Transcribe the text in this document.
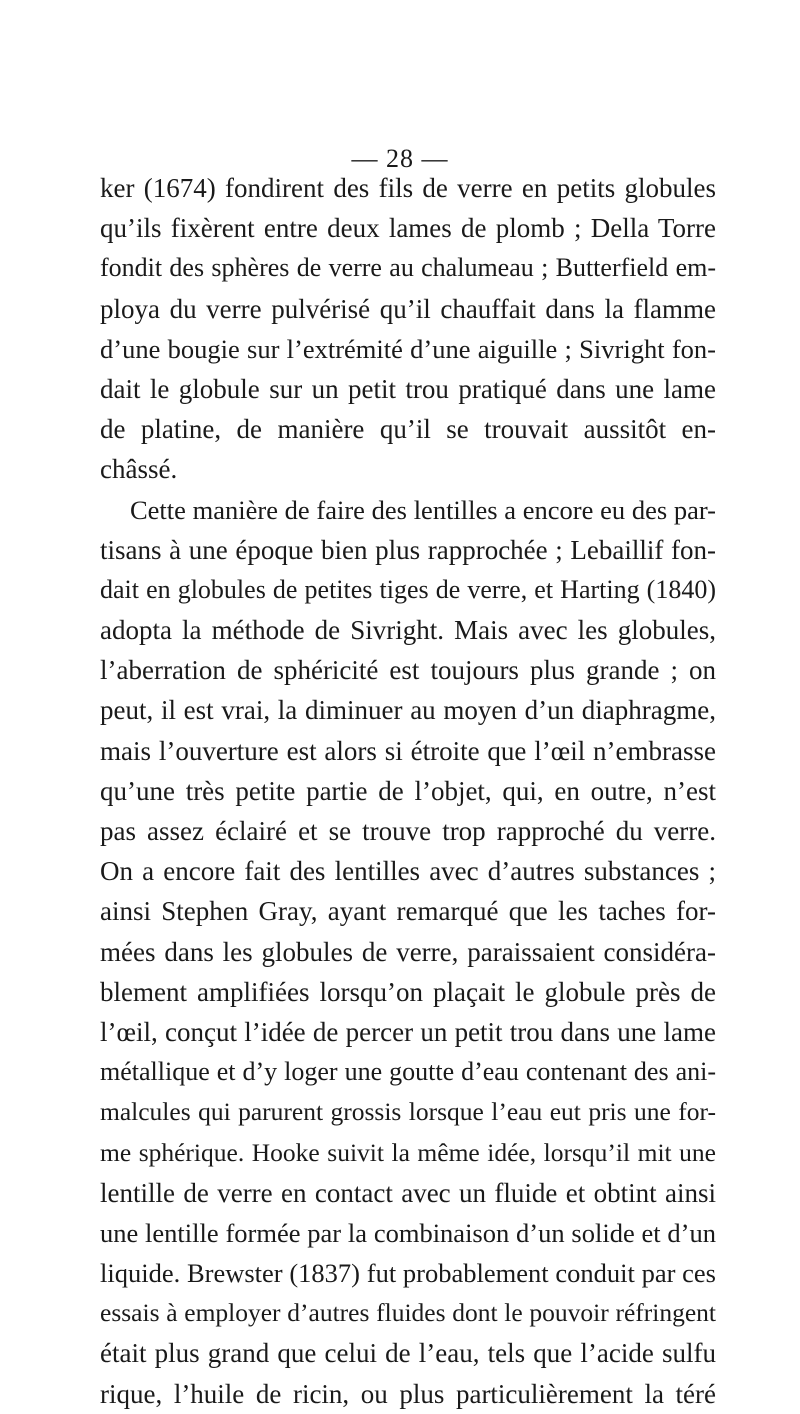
— 28 —
ker (1674) fondirent des fils de verre en petits globules
qu’ils fixèrent entre deux lames de plomb ; Della Torre
fondit des sphères de verre au chalumeau ; Butterfield em-
ploya du verre pulvérisé qu’il chauffait dans la flamme
d’une bougie sur l’extrémité d’une aiguille ; Sivright fon-
dait le globule sur un petit trou pratiqué dans une lame
de platine, de manière qu’il se trouvait aussitôt en-
châssé.
Cette manière de faire des lentilles a encore eu des par-
tisans à une époque bien plus rapprochée ; Lebaillif fon-
dait en globules de petites tiges de verre, et Harting (1840)
adopta la méthode de Sivright. Mais avec les globules,
l’aberration de sphéricité est toujours plus grande ; on
peut, il est vrai, la diminuer au moyen d’un diaphragme,
mais l’ouverture est alors si étroite que l’œil n’embrasse
qu’une très petite partie de l’objet, qui, en outre, n’est
pas assez éclairé et se trouve trop rapproché du verre.
On a encore fait des lentilles avec d’autres substances ;
ainsi Stephen Gray, ayant remarqué que les taches for-
mées dans les globules de verre, paraissaient considéra-
blement amplifiées lorsqu’on plaçait le globule près de
l’œil, conçut l’idée de percer un petit trou dans une lame
métallique et d’y loger une goutte d’eau contenant des ani-
malcules qui parurent grossis lorsque l’eau eut pris une for-
me sphérique. Hooke suivit la même idée, lorsqu’il mit une
lentille de verre en contact avec un fluide et obtint ainsi
une lentille formée par la combinaison d’un solide et d’un
liquide. Brewster (1837) fut probablement conduit par ces
essais à employer d’autres fluides dont le pouvoir réfringent
était plus grand que celui de l’eau, tels que l’acide sulfu
rique, l’huile de ricin, ou plus particulièrement la téré
